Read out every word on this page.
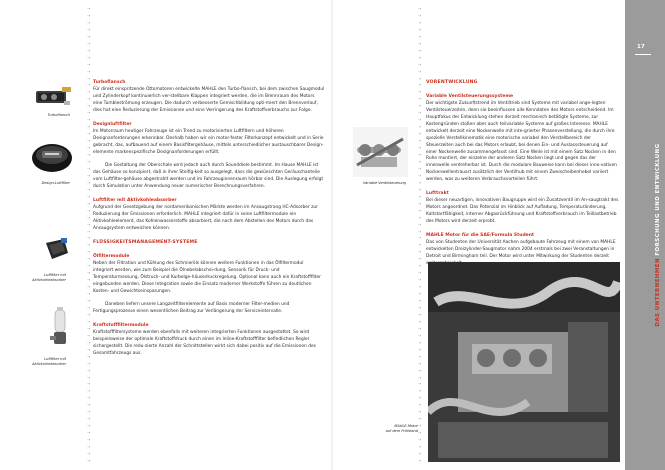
→
→
→
→
→
→
→
→
→
→
→
→
→
→
→
→
→
→
→
→
→
→
→
→
→
→
→
→
→
→
→
→
→
→
→
→
→
→
→
→
→
→
→
→
→
→
→
→
→
→
→
→
→
→
→
→
→
→
→
→
→
→
→
→
→
→
→
→
→
→
→
→
→
→
→
→
→
→
→
→
→
→
→
→
→
→
→
→
→
→
→
→
→
→
→
→
→
→
→
→
→
→
→
→
→
→
→
→
→
→
→
→
→
→
→
→
→
→
→
→
→
→
→
→
→
→
→
→
→
→
→
→
Turboflansch
Design-Luftfilter
Luftfilter mit
Aktivkohleabsorber
Luftfilter mit
Aktivkohleabsorber

Turboflansch

Für direkt einspritzende Ottomotoren entwickelte MAHLE den Turbo-flansch, bei dem zwischen Saugmodul und Zylinderkopf kontinuierlich ver-stellbare Klappen integriert werden, die im Brennraum des Motors eine Tumbleströmung erzeugen. Die dadurch verbesserte Gemischbildung opti-miert den Brennverlauf, dies hat eine Reduzierung der Emissionen und eine Verringerung des Kraftstoffverbrauchs zur Folge.

Designluftfilter

Im Motorraum heutiger Fahrzeuge ist ein Trend zu motorisierten Luftfiltern und höheren Designanforderungen erkennbar. Deshalb haben wir ein motor-fester Filterkonzept entwickelt und in Serie gebracht, das, aufbauend auf einem Basisfiltergehäuse, mittels unterschiedlicher austauschbarer Design-elemente markenspezifische Designanforderungen erfüllt.

Die Gestaltung der Oberschale wird jedoch auch durch Sounddiele bestimmt. Im Hause MAHLE ist das Gehäuse so konzipiert, daß in ihrer Steifig-keit so ausgelegt, dass die gewünschten Geräuschanteile vom Luftfilter-gehäuse abgestrahlt werden und im Fahrzeuginnenraum hörbar sind. Die Auslegung erfolgt durch Simulation unter Anwendung neuer numerischer Berechnungsverfahren.

Luftfilter mit Aktivkohleabsorber

Aufgrund der Gesetzgebung der nordamerikanischen Märkte werden im Ansaugstrang HC-Adsorber zur Reduzierung der Emissionen erforderlich. MAHLE integriert dafür in seine Luftfiltermodule ein Aktivkohleelement, das Kohlenwasserstoffe absorbiert, die nach dem Abstellen des Motors durch das Ansaugsystem entweichen können.

FLÜSSIGKEITSMANAGEMENT-SYSTEME

Ölfiltermodule

Neben der Filtration und Kühlung des Schmieröls können weitere Funktionen in das Ölfiltermodul integriert werden, wie zum Beispiel die Ölnebelabschei-dung, Sensorik für Druck- und Temperaturmessung, Ölstruck- und Kurbelge-häusedruckregelung. Optional kann auch ein Kraftstofffilter eingebunden werden. Diese Integration sowie die Einsatz moderner Werkstoffe führen zu deutlichen Kosten- und Gewichtseinsparungen.

Daneben liefern unsere Langzeitfilterelemente auf Basis moderner Filter-medien und Fertigungsprozesse einen wesentlichen Beitrag zur Verlängerung der Serviceintervalle.

Kraftstofffiltermodule

Kraftstofffiltersysteme werden ebenfalls mit weiteren integrierten Funktionen ausgestattet. So wird beispielsweise der optimale Kraftstoffdruck durch einen im Inline-Kraftstofffilter befindlichen Regler sichergestellt. Die redu-zierte Anzahl der Schnittstellen wirkt sich dabei positiv auf die Emissionen des Gesamtfahrzeugs aus.

Variable Ventilsteuerung
MAHLE-Motor
auf dem Prüfstand

VORENTWICKLUNG

Variable Ventilsteuerungssysteme

Der wichtigste Zukunftstrend im Ventiltrieb sind Systeme mit variabel ange-legten Ventilsteuerzeiten, denn sie beeinflussen alle Kenndaten des Motors entscheidend. Im Hauptfokus der Entwicklung stehen derzeit mechanisch betätigte Systeme, zur Kostengründen stoßen aber auch teilvariable Systeme auf großes Interesse. MAHLE entwickelt derzeit eine Nockenwelle mit inte-grierter Phasenverstellung, die durch ihre spezielle Verstellkinematik eine motorische variabel den Verstellbereich der Steuerzeiten auch bei das Motors erlaubt, bei denen Ein- und Auslasssteuerung auf einer Nockenwelle zusammengefasst sind. Eine Weile ist mit einem Satz Nocken in den Ruhe montiert, der einzelne der anderen Satz Nocken liegt und gegen das der innenwelle verdreherbar ist. Durch die modulare Bauweise kann bei dieser inno-vativen Nockenwellentrauart zusätzlich der Ventilhub mit einem Zweischeibenhebel variiert werden, was zu weiteren Verbrauchsvorteilen führt.

Lufttrakt

Bei dieser neuartigen, innovativen Baugruppe wird ein Zusatzventil im An-saugtrakt des Motors angeordnet. Das Potenzial im Hinblick auf Aufladung, Temperaturänderung, Kaltstartfähigkeit, interner Abgasrückführung und Kraftstoffverbrauch im Teillastbetrieb des Motors wird derzeit erprobt.

MAHLE Motor für die SAE/Formula Student

Das von Studenten der Universität Aachen aufgebaute Fahrzeug mit einem von MAHLE entwickelten Dreizylinder-Saugmotor nahm 2004 erstmals bei zwei Veranstaltungen in Detroit und Birmingham teil. Der Motor wird unter Mitwirkung der Studenten derzeit weiterentwickelt.

17
DAS UNTERNEHMEN FORSCHUNG UND ENTWICKLUNG
